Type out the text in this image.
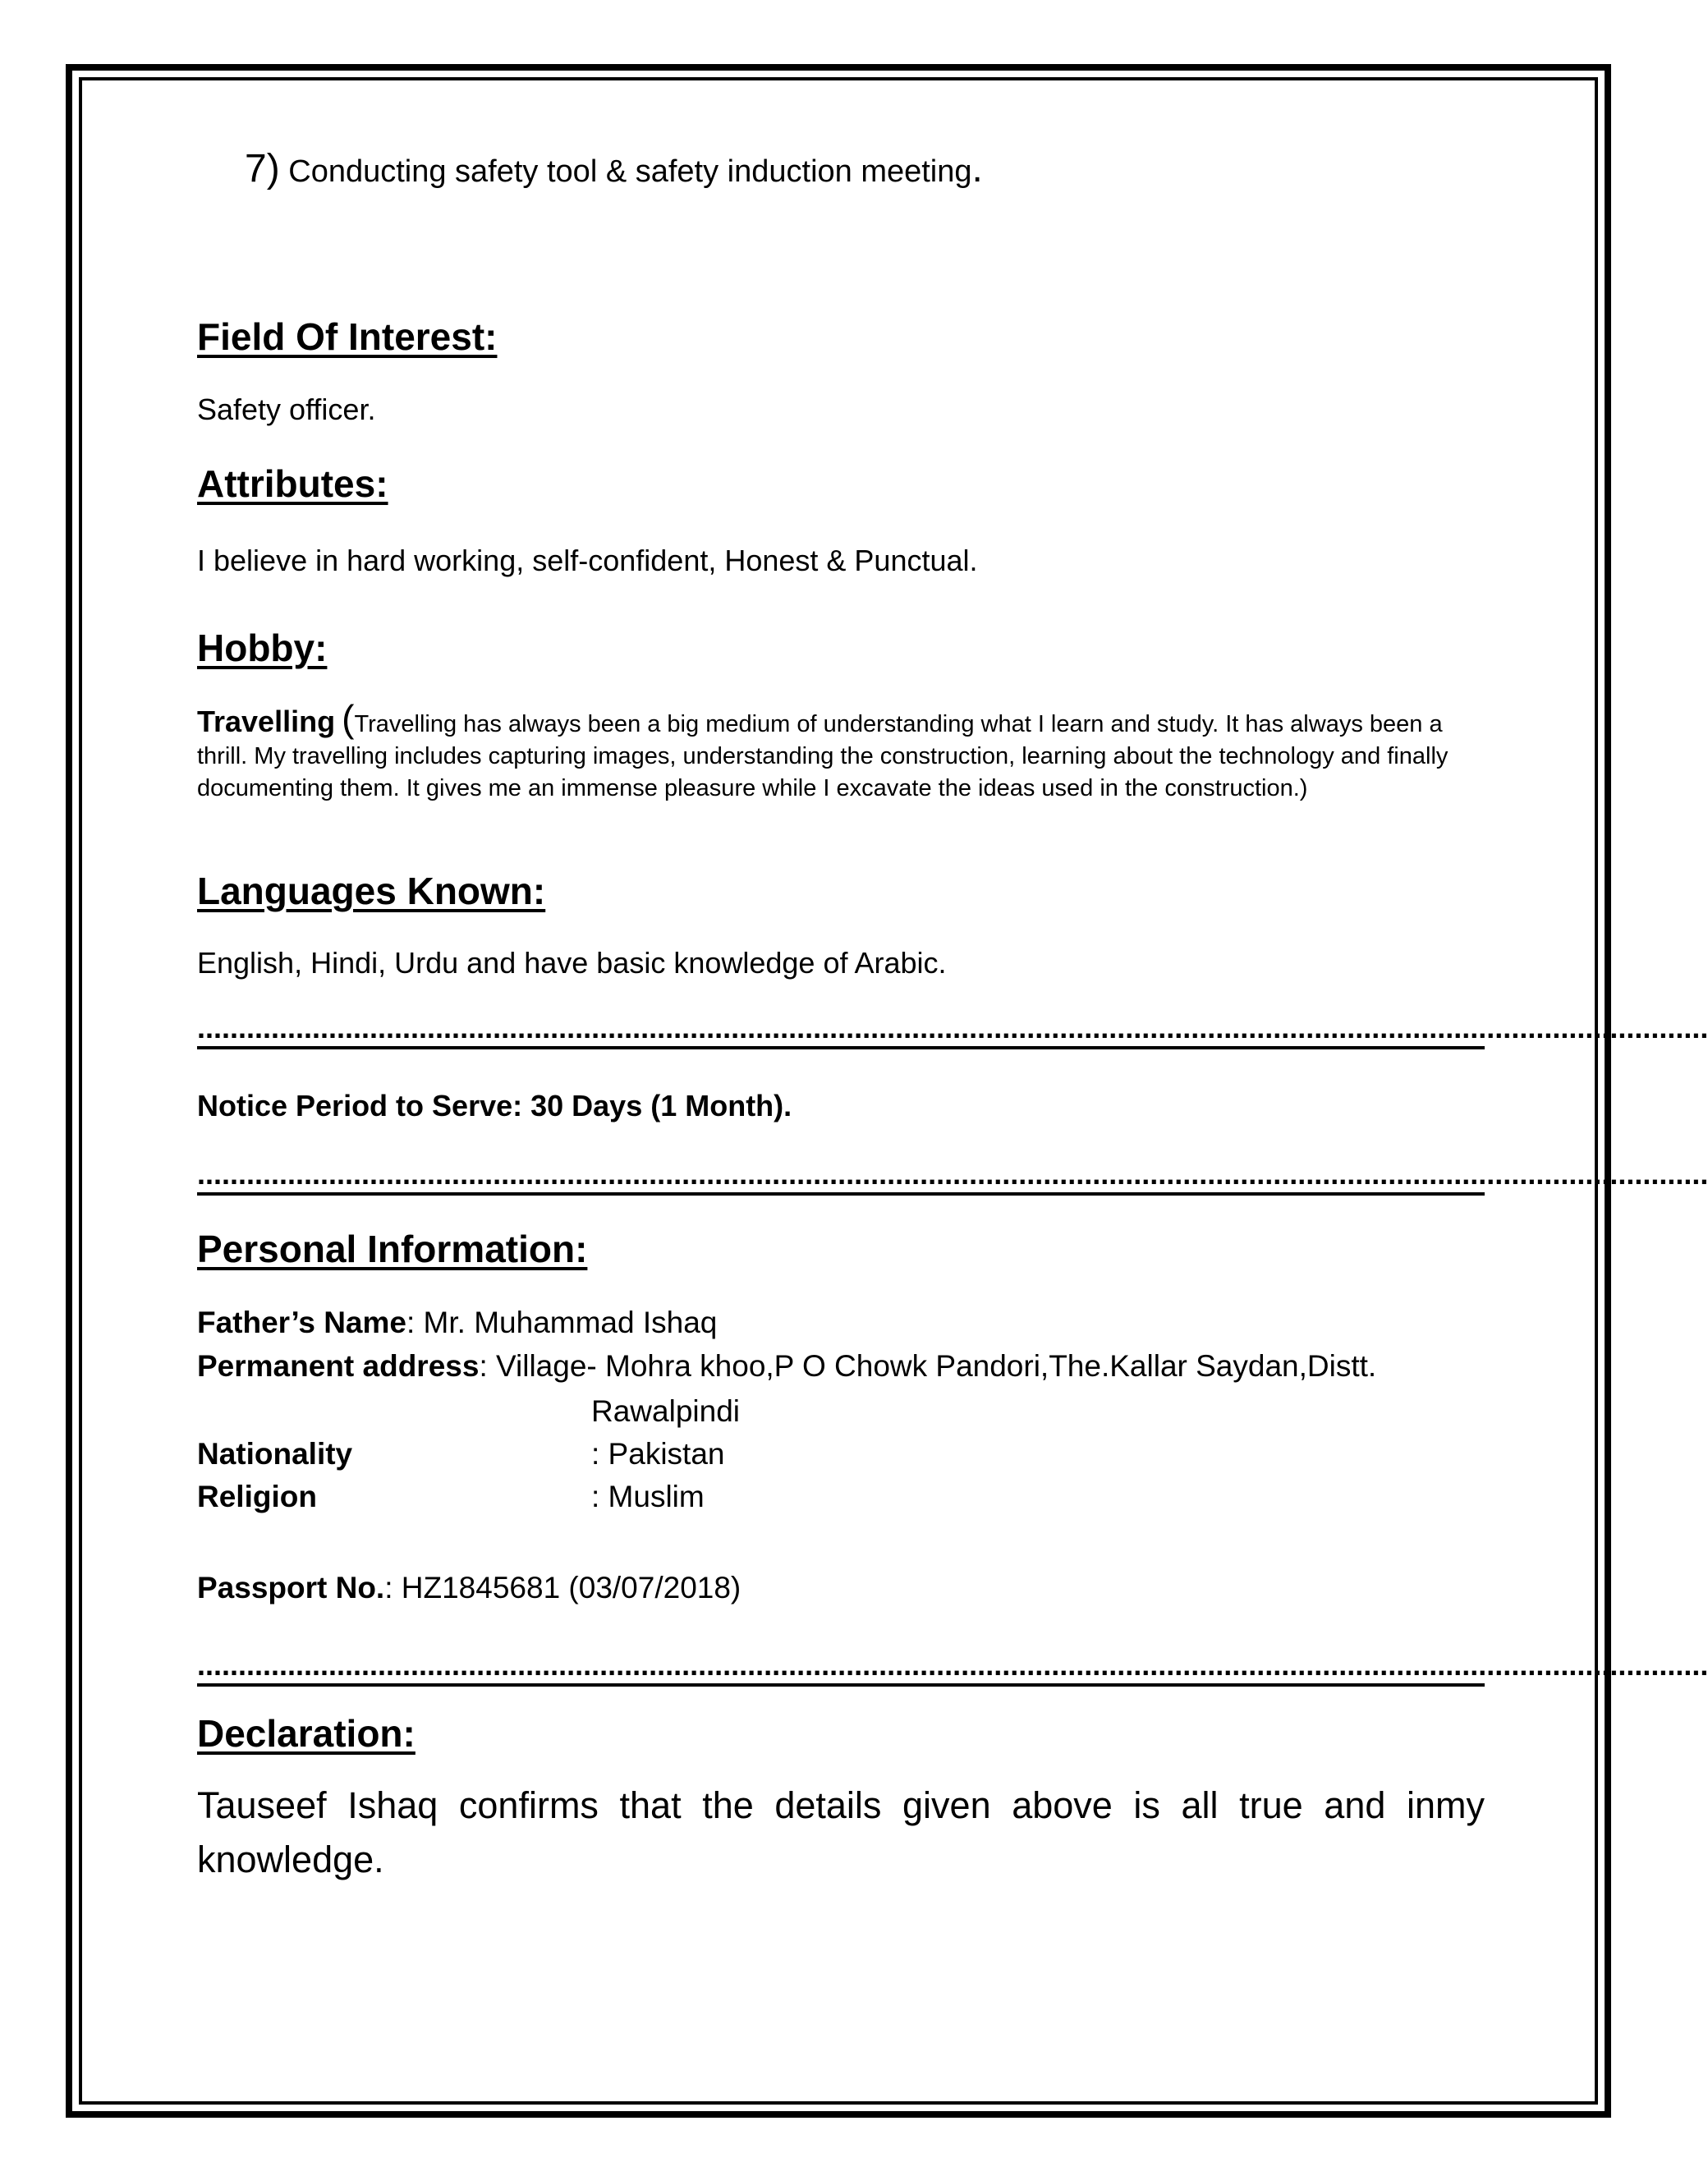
7) Conducting safety tool & safety induction meeting.
Field Of Interest:
Safety officer.
Attributes:
I believe in hard working, self-confident, Honest & Punctual.
Hobby:
Travelling (Travelling has always been a big medium of understanding what I learn and study. It has always been a thrill. My travelling includes capturing images, understanding the construction, learning about the technology and finally documenting them. It gives me an immense pleasure while I excavate the ideas used in the construction.)
Languages Known:
English, Hindi, Urdu and have basic knowledge of Arabic.
........................................................................................................................................................................................
Notice Period to Serve: 30 Days (1 Month).
........................................................................................................................................................................................
Personal Information:
Father’s Name: Mr. Muhammad Ishaq
Permanent address: Village- Mohra khoo,P O Chowk Pandori,The.Kallar Saydan,Distt.
Rawalpindi
Nationality	: Pakistan
Religion	: Muslim
Passport No.: HZ1845681 (03/07/2018)
........................................................................................................................................................................................
Declaration:
Tauseef Ishaq confirms that the details given above is all true and inmy knowledge.
